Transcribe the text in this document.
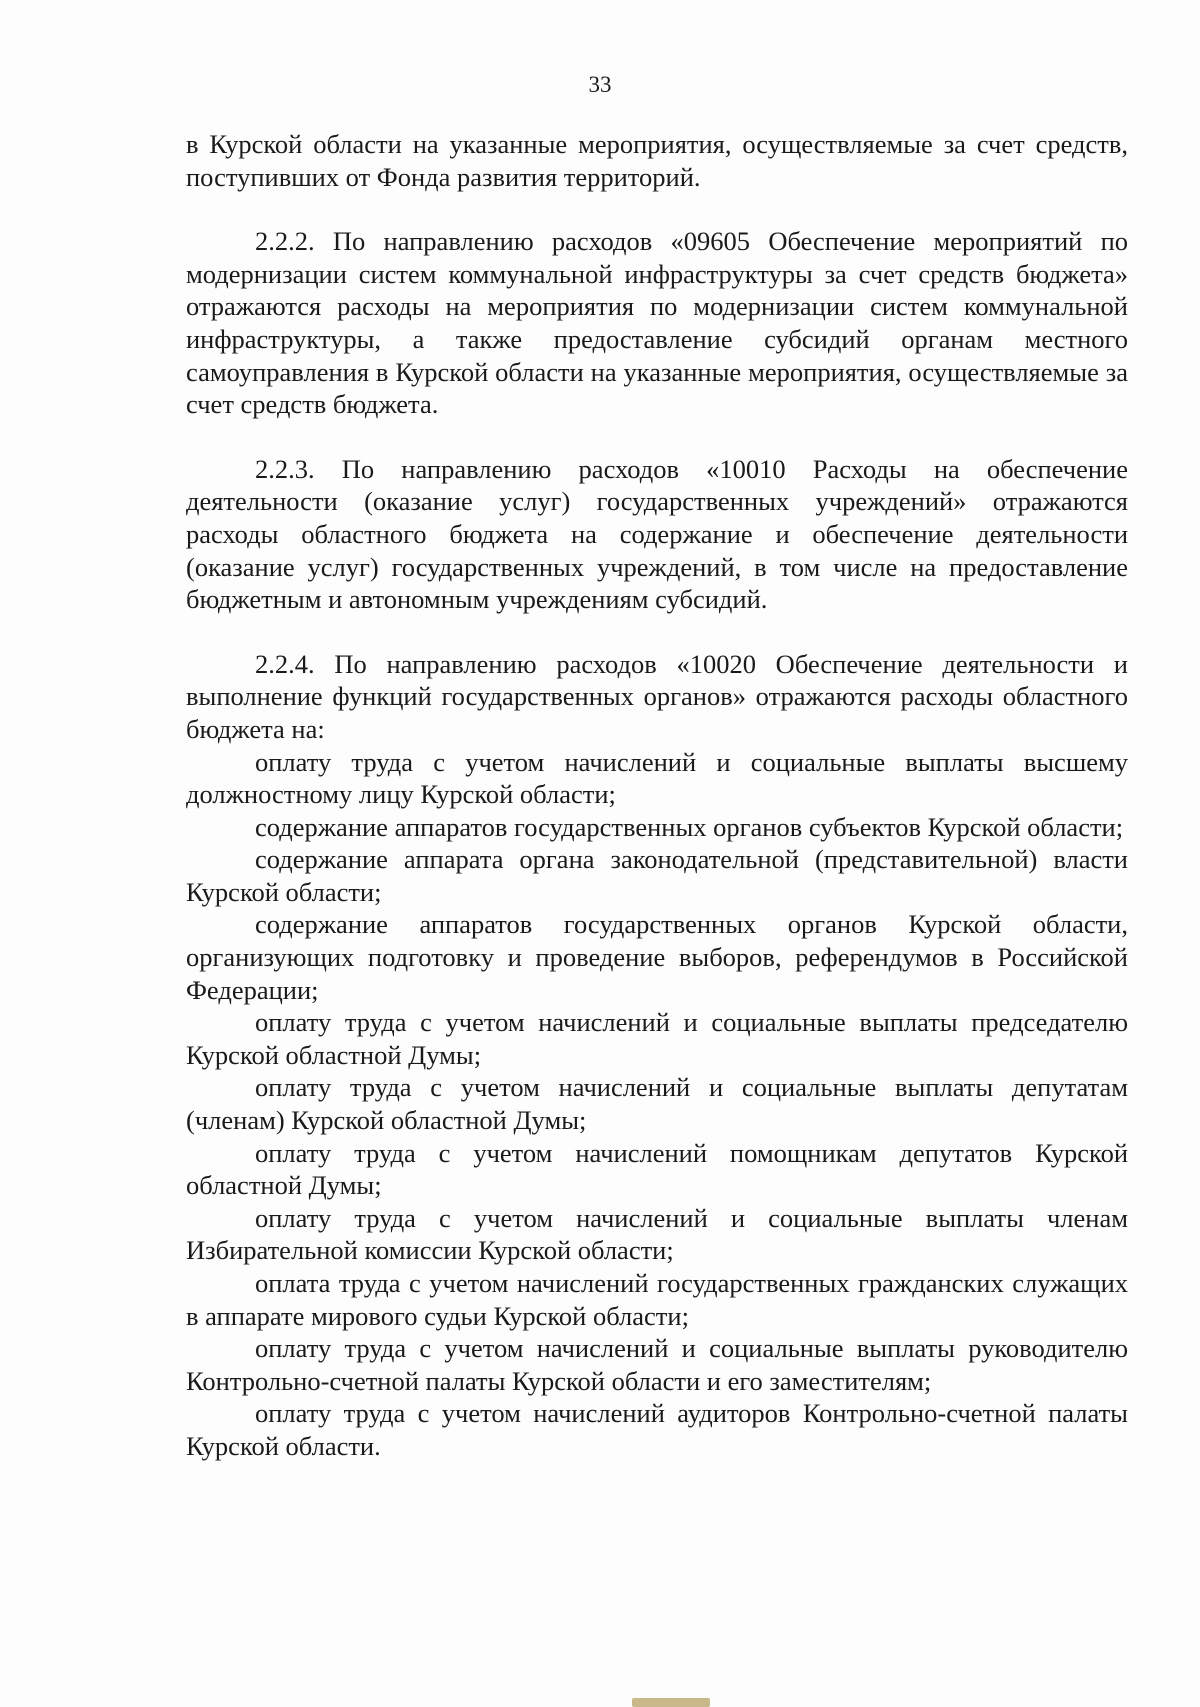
33

в Курской области на указанные мероприятия, осуществляемые за счет средств, поступивших от Фонда развития территорий.

2.2.2. По направлению расходов «09605 Обеспечение мероприятий по модернизации систем коммунальной инфраструктуры за счет средств бюджета» отражаются расходы на мероприятия по модернизации систем коммунальной инфраструктуры, а также предоставление субсидий органам местного самоуправления в Курской области на указанные мероприятия, осуществляемые за счет средств бюджета.

2.2.3. По направлению расходов «10010 Расходы на обеспечение деятельности (оказание услуг) государственных учреждений» отражаются расходы областного бюджета на содержание и обеспечение деятельности (оказание услуг) государственных учреждений, в том числе на предоставление бюджетным и автономным учреждениям субсидий.

2.2.4. По направлению расходов «10020 Обеспечение деятельности и выполнение функций государственных органов» отражаются расходы областного бюджета на:

оплату труда с учетом начислений и социальные выплаты высшему должностному лицу Курской области;

содержание аппаратов государственных органов субъектов Курской области;

содержание аппарата органа законодательной (представительной) власти Курской области;

содержание аппаратов государственных органов Курской области, организующих подготовку и проведение выборов, референдумов в Российской Федерации;

оплату труда с учетом начислений и социальные выплаты председателю Курской областной Думы;

оплату труда с учетом начислений и социальные выплаты депутатам (членам) Курской областной Думы;

оплату труда с учетом начислений помощникам депутатов Курской областной Думы;

оплату труда с учетом начислений и социальные выплаты членам Избирательной комиссии Курской области;

оплата труда с учетом начислений государственных гражданских служащих в аппарате мирового судьи Курской области;

оплату труда с учетом начислений и социальные выплаты руководителю Контрольно-счетной палаты Курской области и его заместителям;

оплату труда с учетом начислений аудиторов Контрольно-счетной палаты Курской области.
